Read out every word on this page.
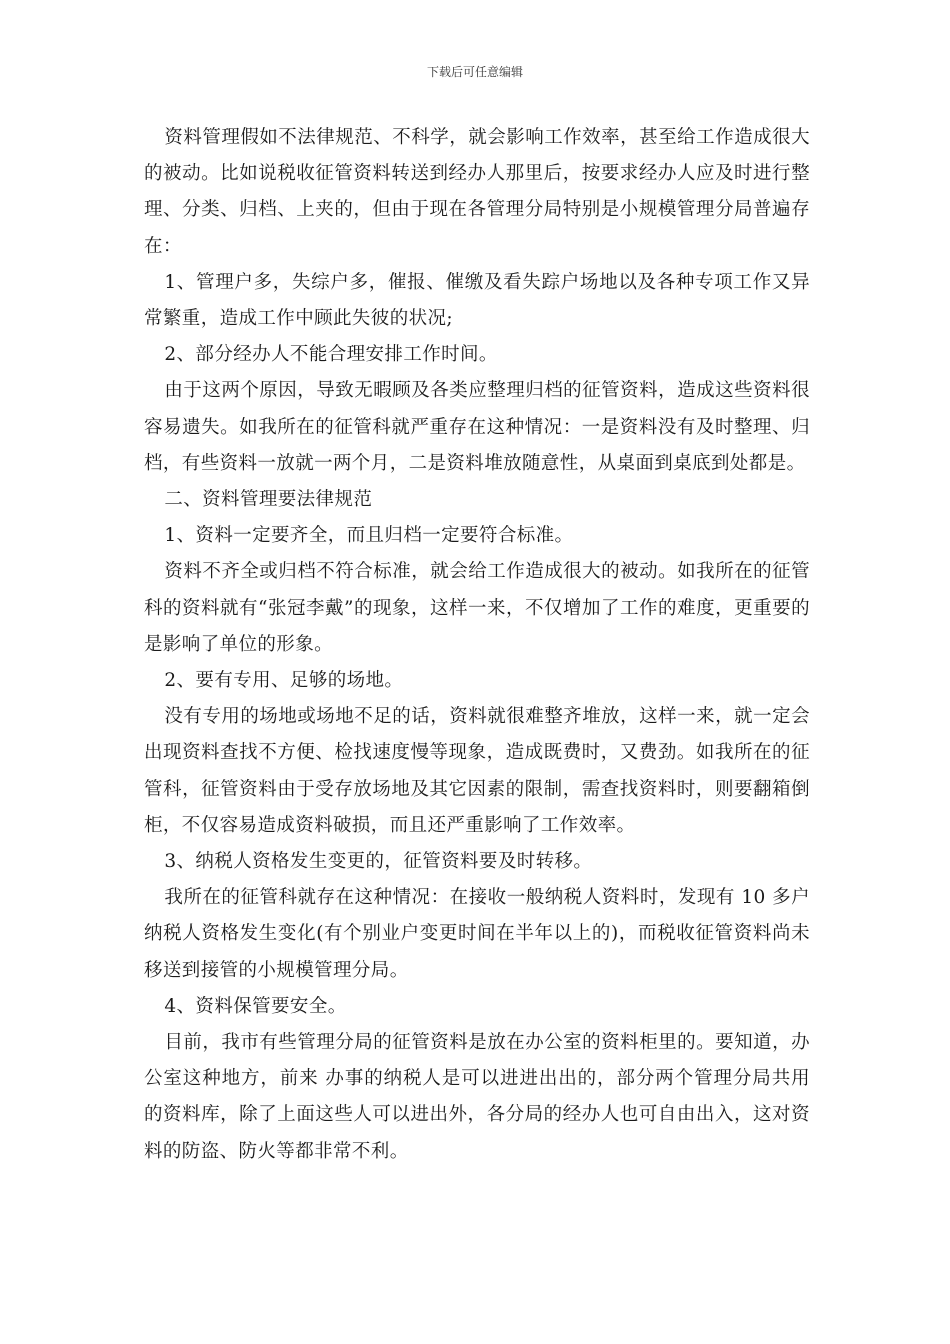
下载后可任意编辑

资料管理假如不法律规范、不科学，就会影响工作效率，甚至给工作造成很大的被动。比如说税收征管资料转送到经办人那里后，按要求经办人应及时进行整理、分类、归档、上夹的，但由于现在各管理分局特别是小规模管理分局普遍存在：

1、管理户多，失综户多，催报、催缴及看失踪户场地以及各种专项工作又异常繁重，造成工作中顾此失彼的状况;

2、部分经办人不能合理安排工作时间。

由于这两个原因，导致无暇顾及各类应整理归档的征管资料，造成这些资料很容易遗失。如我所在的征管科就严重存在这种情况：一是资料没有及时整理、归档，有些资料一放就一两个月，二是资料堆放随意性，从桌面到桌底到处都是。

二、资料管理要法律规范

1、资料一定要齐全，而且归档一定要符合标准。

资料不齐全或归档不符合标准，就会给工作造成很大的被动。如我所在的征管科的资料就有“张冠李戴”的现象，这样一来，不仅增加了工作的难度，更重要的是影响了单位的形象。

2、要有专用、足够的场地。

没有专用的场地或场地不足的话，资料就很难整齐堆放，这样一来，就一定会出现资料查找不方便、检找速度慢等现象，造成既费时，又费劲。如我所在的征管科，征管资料由于受存放场地及其它因素的限制，需查找资料时，则要翻箱倒柜，不仅容易造成资料破损，而且还严重影响了工作效率。

3、纳税人资格发生变更的，征管资料要及时转移。

我所在的征管科就存在这种情况：在接收一般纳税人资料时，发现有 10 多户纳税人资格发生变化(有个别业户变更时间在半年以上的)，而税收征管资料尚未移送到接管的小规模管理分局。

4、资料保管要安全。

目前，我市有些管理分局的征管资料是放在办公室的资料柜里的。要知道，办公室这种地方，前来 办事的纳税人是可以进进出出的，部分两个管理分局共用的资料库，除了上面这些人可以进出外，各分局的经办人也可自由出入，这对资料的防盗、防火等都非常不利。
